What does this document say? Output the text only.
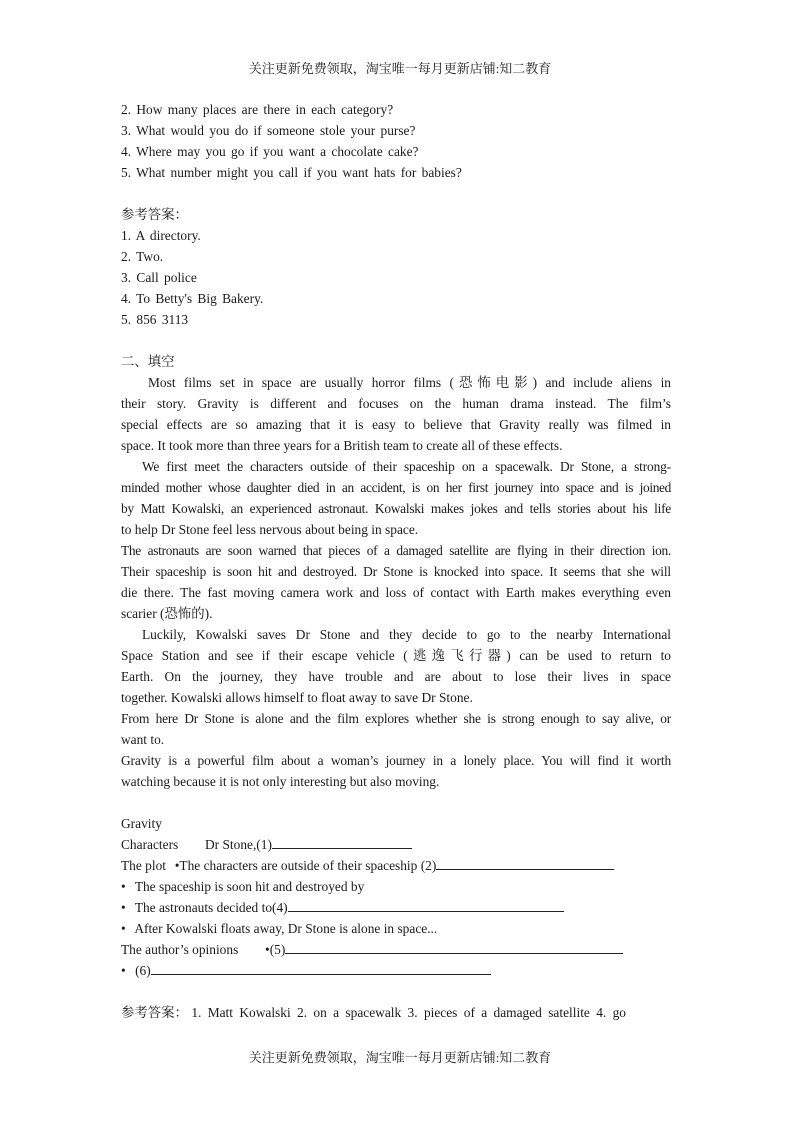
关注更新免费领取，淘宝唯一每月更新店铺:知二教育
2. How many places are there in each category?
3. What would you do if someone stole your purse?
4. Where may you go if you want a chocolate cake?
5. What number might you call if you want hats for babies?
参考答案：
1. A directory.
2. Two.
3. Call police
4. To Betty's Big Bakery.
5. 856 3113
二、填空
Most films set in space are usually horror films (恐怖电影) and include aliens in
their story. Gravity is different and focuses on the human drama instead. The film’s
special effects are so amazing that it is easy to believe that Gravity really was filmed in
space. It took more than three years for a British team to create all of these effects.
We first meet the characters outside of their spaceship on a spacewalk. Dr Stone, a strong-
minded mother whose daughter died in an accident, is on her first journey into space and is joined
by Matt Kowalski, an experienced astronaut. Kowalski makes jokes and tells stories about his life
to help Dr Stone feel less nervous about being in space.
The astronauts are soon warned that pieces of a damaged satellite are flying in their direction ion.
Their spaceship is soon hit and destroyed. Dr Stone is knocked into space. It seems that she will
die there. The fast moving camera work and loss of contact with Earth makes everything even
scarier (恐怖的).
Luckily, Kowalski saves Dr Stone and they decide to go to the nearby International
Space Station and see if their escape vehicle (逃逸飞行器) can be used to return to
Earth. On the journey, they have trouble and are about to lose their lives in space
together. Kowalski allows himself to float away to save Dr Stone.
From here Dr Stone is alone and the film explores whether she is strong enough to say alive, or
want to.
Gravity is a powerful film about a woman’s journey in a lonely place. You will find it worth
watching because it is not only interesting but also moving.
Gravity
Characters Dr Stone,(1)
The plot •The characters are outside of their spaceship (2)
• The spaceship is soon hit and destroyed by
• The astronauts decided to(4)
• After Kowalski floats away, Dr Stone is alone in space...
The author’s opinions •(5)
• (6)
参考答案： 1. Matt Kowalski 2. on a spacewalk 3. pieces of a damaged satellite 4. go
关注更新免费领取，淘宝唯一每月更新店铺:知二教育
